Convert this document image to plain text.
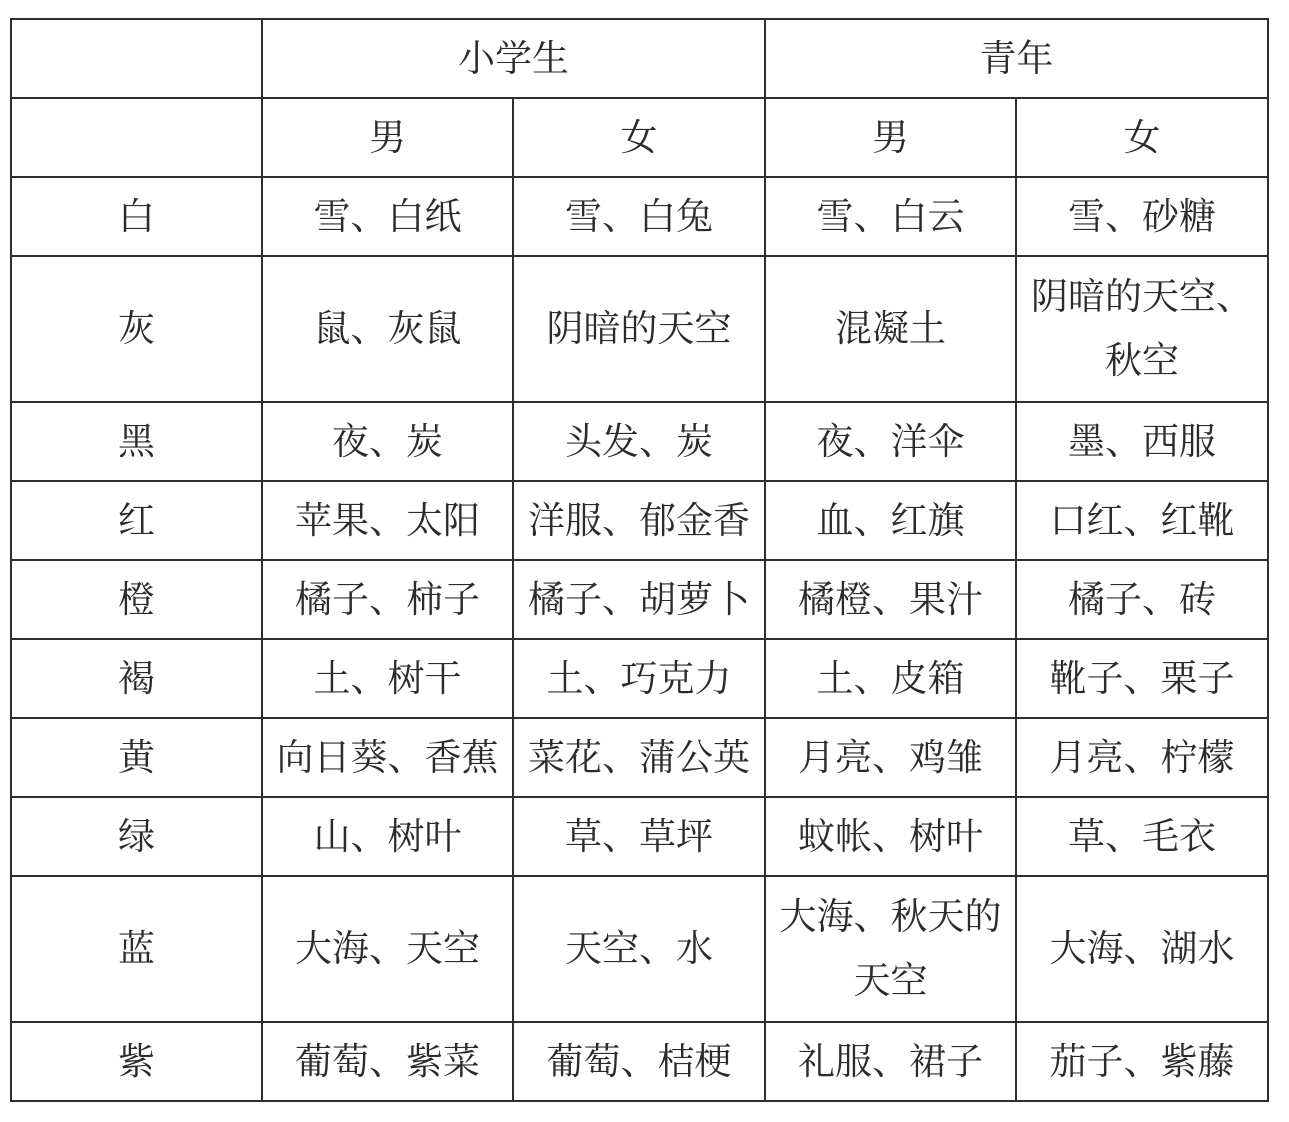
	小学生		青年	
	男	女	男	女
白	雪、白纸	雪、白兔	雪、白云	雪、砂糖
灰	鼠、灰鼠	阴暗的天空	混凝土	阴暗的天空、秋空
黑	夜、炭	头发、炭	夜、洋伞	墨、西服
红	苹果、太阳	洋服、郁金香	血、红旗	口红、红靴
橙	橘子、柿子	橘子、胡萝卜	橘橙、果汁	橘子、砖
褐	土、树干	土、巧克力	土、皮箱	靴子、栗子
黄	向日葵、香蕉	菜花、蒲公英	月亮、鸡雏	月亮、柠檬
绿	山、树叶	草、草坪	蚊帐、树叶	草、毛衣
蓝	大海、天空	天空、水	大海、秋天的天空	大海、湖水
紫	葡萄、紫菜	葡萄、桔梗	礼服、裙子	茄子、紫藤
